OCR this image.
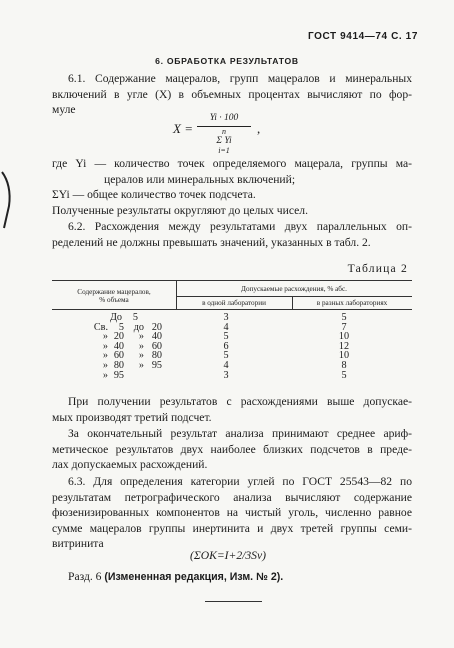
ГОСТ 9414—74 С. 17
6. ОБРАБОТКА РЕЗУЛЬТАТОВ
6.1. Содержание мацералов, групп мацералов и минеральных
включений в угле (X) в объемных процентах вычисляют по фор-
муле
X =
Yi · 100
n
Σ Yi
i=1
,
где Yi — количество точек определяемого мацерала, группы ма-
цералов или минеральных включений;
ΣYi — общее количество точек подсчета.
Полученные результаты округляют до целых чисел.
6.2. Расхождения между результатами двух параллельных оп-
ределений не должны превышать значений, указанных в табл. 2.
Таблица 2
Содержание мацералов,
% объема
Допускаемые расхождения, % абс.
в одной лаборатории	в разных лабораториях
До	5	3	5
Св.	5 до 20	4	7
» 20	» 40	5	10
» 40	» 60	6	12
» 60	» 80	5	10
» 80	» 95	4	8
» 95	3	5
При получении результатов с расхождениями выше допускае-
мых производят третий подсчет.
За окончательный результат анализа принимают среднее ариф-
метическое результатов двух наиболее близких подсчетов в преде-
лах допускаемых расхождений.
6.3. Для определения категории углей по ГОСТ 25543—82 по
результатам петрографического анализа вычисляют содержание
фюзенизированных компонентов на чистый уголь, численно равное
сумме мацералов группы инертинита и двух третей группы семи-
витринита
(ΣOK=I+2/3Sv)
Разд. 6 (Измененная редакция, Изм. № 2).
